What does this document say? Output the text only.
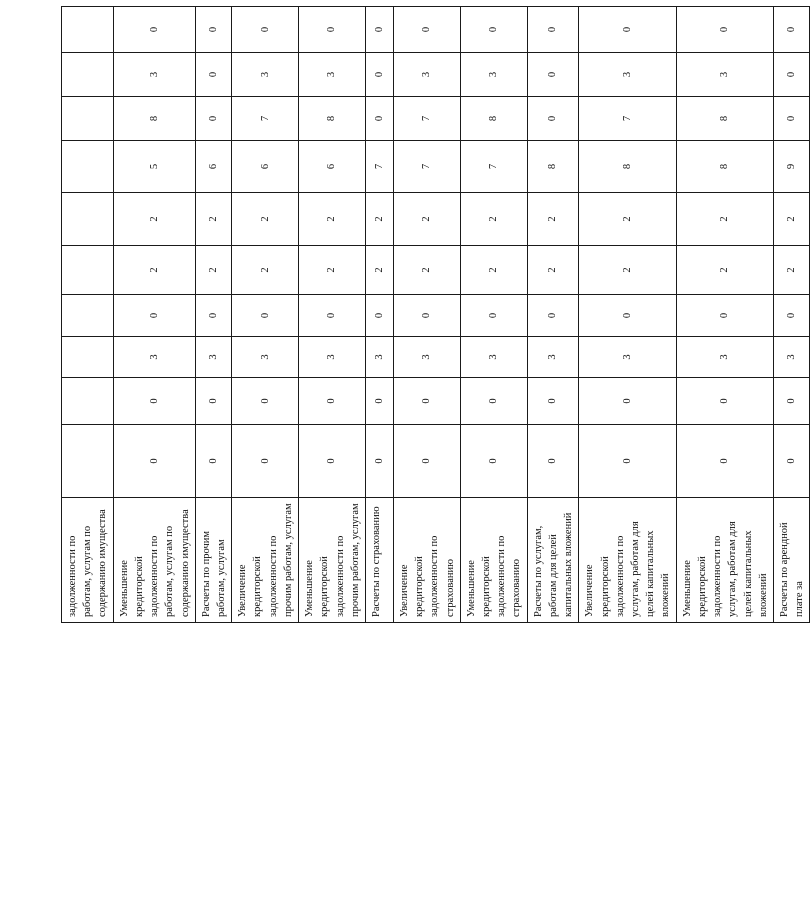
задолженности по работам, услугам по содержанию имущества										
Уменьшение кредиторской задолженности по работам, услугам по содержанию имущества	0	0	3	0	2	2	5	8	3	0
Расчеты по прочим работам, услугам	0	0	3	0	2	2	6	0	0	0
Увеличение кредиторской задолженности по прочим работам, услугам	0	0	3	0	2	2	6	7	3	0
Уменьшение кредиторской задолженности по прочим работам, услугам	0	0	3	0	2	2	6	8	3	0
Расчеты по страхованию	0	0	3	0	2	2	7	0	0	0
Увеличение кредиторской задолженности по страхованию	0	0	3	0	2	2	7	7	3	0
Уменьшение кредиторской задолженности по страхованию	0	0	3	0	2	2	7	8	3	0
Расчеты по услугам, работам для целей капитальных вложений	0	0	3	0	2	2	8	0	0	0
Увеличение кредиторской задолженности по услугам, работам для целей капитальных вложений	0	0	3	0	2	2	8	7	3	0
Уменьшение кредиторской задолженности по услугам, работам для целей капитальных вложений	0	0	3	0	2	2	8	8	3	0
Расчеты по арендной плате за	0	0	3	0	2	2	9	0	0	0
